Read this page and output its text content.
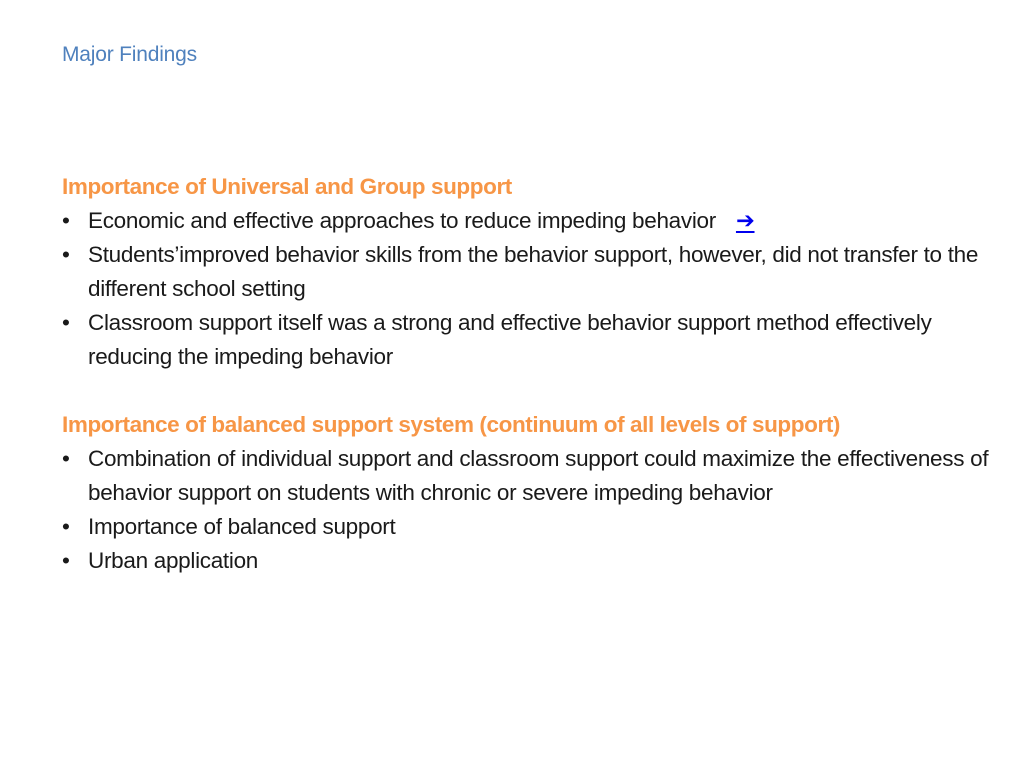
Major Findings
Importance of Universal and Group support
• Economic and effective approaches to reduce impeding behavior ➔
• Students’improved behavior skills from the behavior support, however, did not transfer to the different school setting
• Classroom support itself was a strong and effective behavior support method effectively reducing the impeding behavior
Importance of balanced support system (continuum of all levels of support)
• Combination of individual support and classroom support could maximize the effectiveness of behavior support on students with chronic or severe impeding behavior
• Importance of balanced support
• Urban application
